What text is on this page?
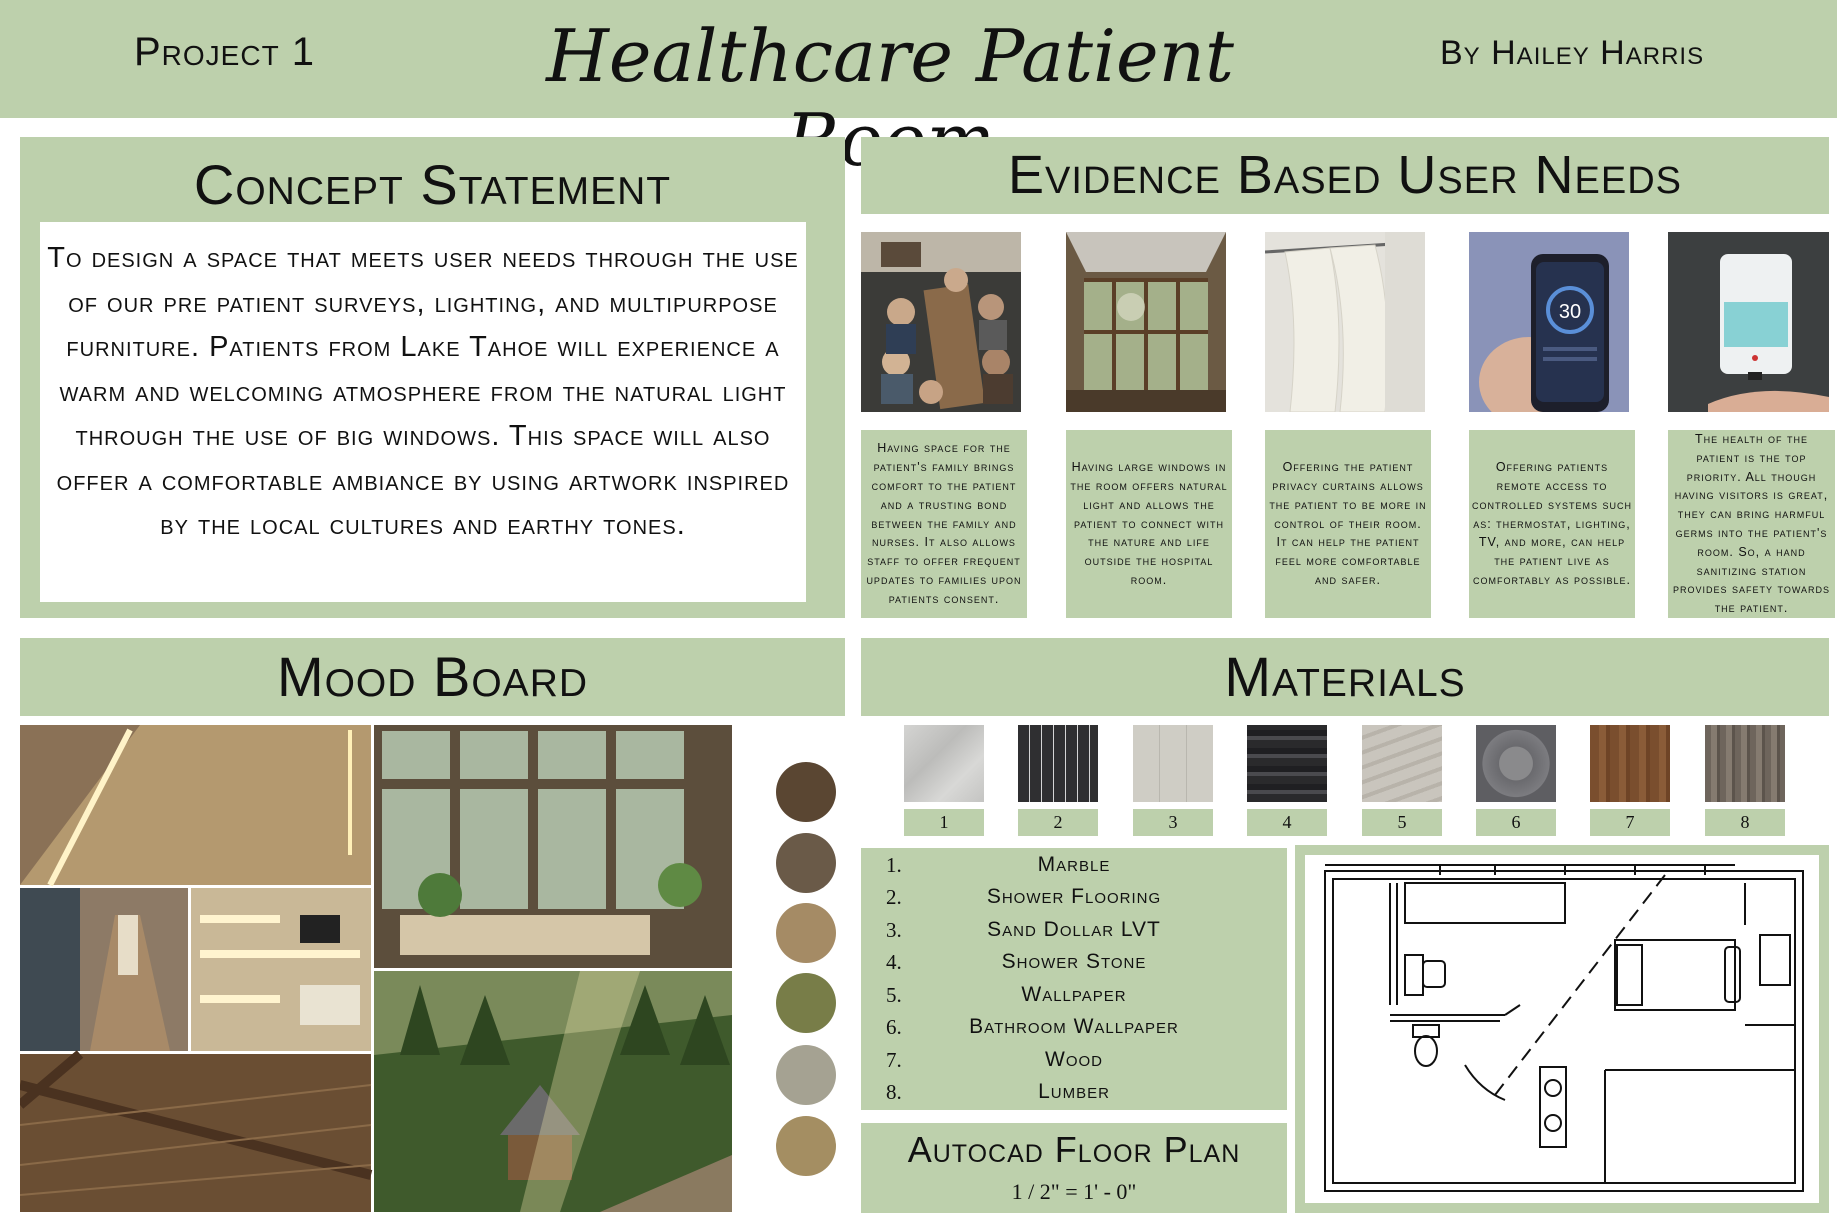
Project 1	Healthcare Patient	By Hailey Harris
Concept Statement
To design a space that meets user needs through the use of our pre patient surveys, lighting, and multipurpose furniture. Patients from Lake Tahoe will experience a warm and welcoming atmosphere from the natural light through the use of big windows. This space will also offer a comfortable ambiance by using artwork inspired by the local cultures and earthy tones.
Evidence Based User Needs
30
Having space for the patient's family brings comfort to the patient and a trusting bond between the family and nurses. It also allows staff to offer frequent updates to families upon patients consent.
Having large windows in the room offers natural light and allows the patient to connect with the nature and life outside the hospital room.
Offering the patient privacy curtains allows the patient to be more in control of their room. It can help the patient feel more comfortable and safer.
Offering patients remote access to controlled systems such as: thermostat, lighting, TV, and more, can help the patient live as comfortably as possible.
The health of the patient is the top priority. All though having visitors is great, they can bring harmful germs into the patient's room. So, a hand sanitizing station provides safety towards the patient.
Mood Board	Materials
1	2	3	4	5	6	7	8
1.	Marble
2.	Shower Flooring
3.	Sand Dollar LVT
4.	Shower Stone
5.	Wallpaper
6.	Bathroom Wallpaper
7.	Wood
8.	Lumber
Autocad Floor Plan
1 / 2" = 1' - 0"
